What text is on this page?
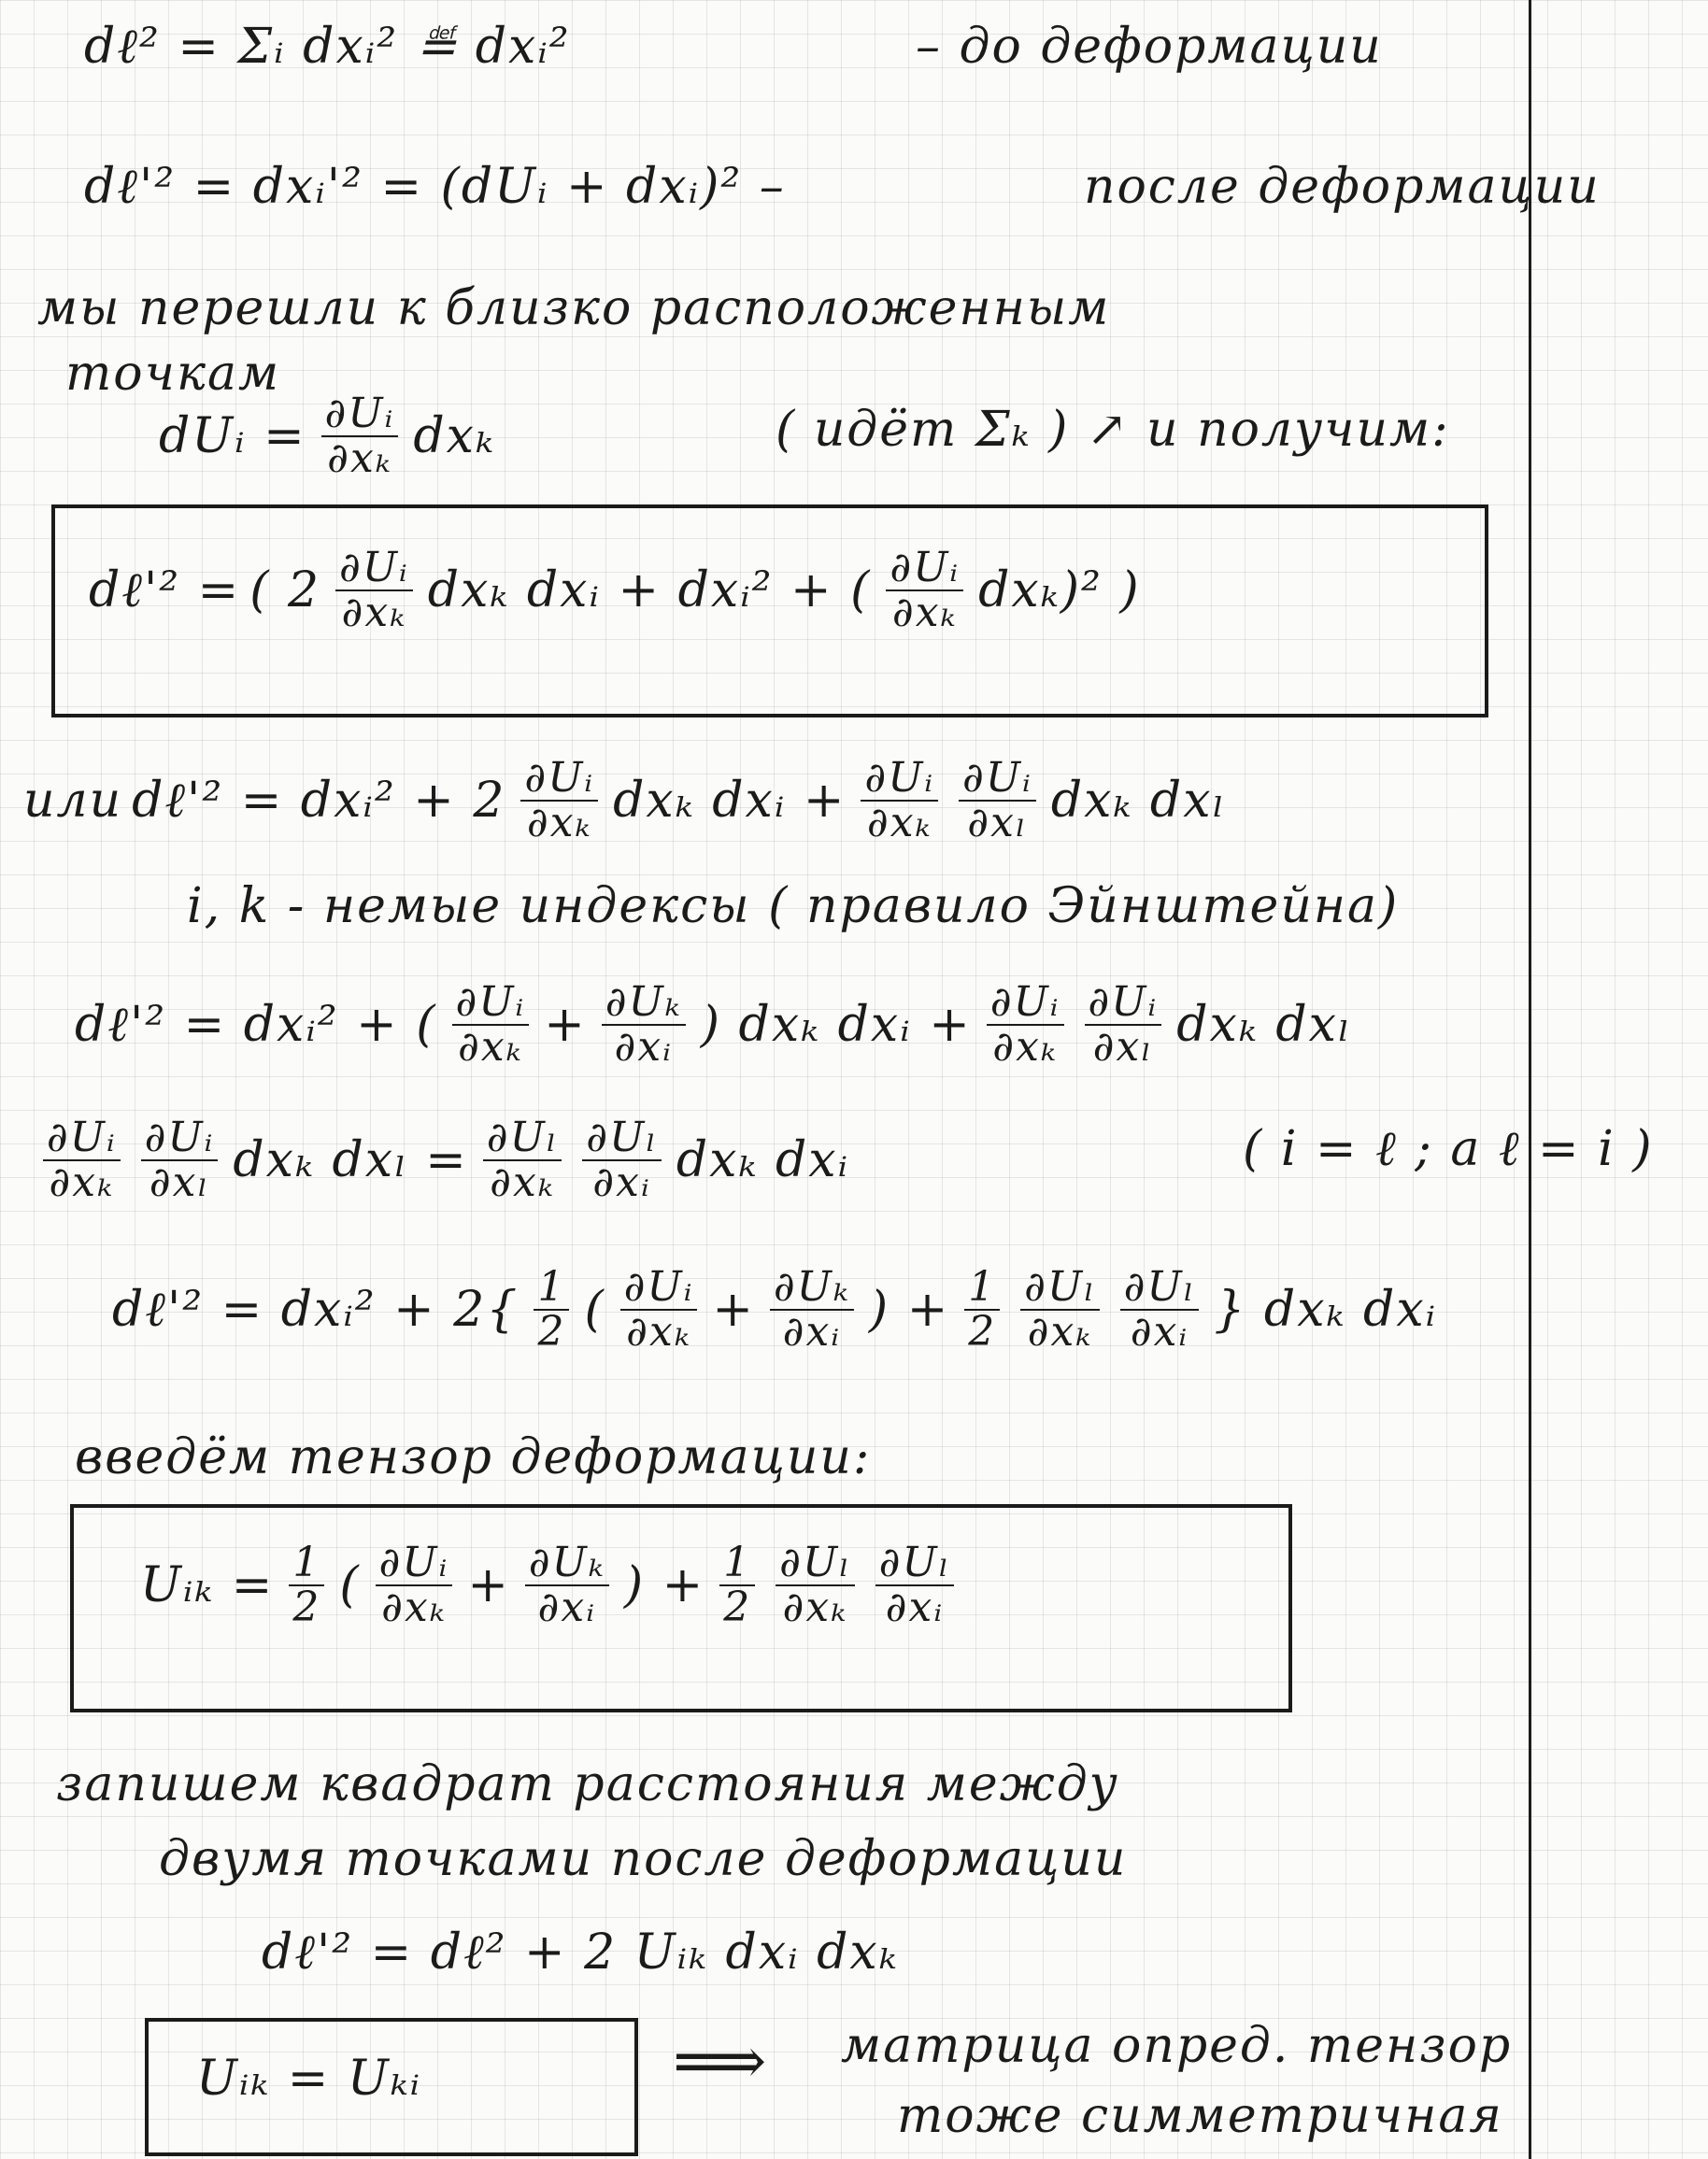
dℓ² = Σᵢ dxᵢ² ≝ dxᵢ²	– до деформации
dℓ'² = dxᵢ'² = (dUᵢ + dxᵢ)² –	после деформации
мы перешли к близко расположенным
точкам
dUᵢ = $\frac{\text{∂Uᵢ}}{\text{∂xₖ}}$ dxₖ	( идёт Σₖ ) ↗ и получим:
dℓ'² = ( $2 \frac{\text{∂Uᵢ}}{\text{∂xₖ}}$ dxₖ dxᵢ + dxᵢ² + ( $\frac{\text{∂Uᵢ}}{\text{∂xₖ}} dx_k)^2$ )
или dℓ'² = dxᵢ² + $2 \frac{\text{∂Uᵢ}}{\text{∂xₖ}}$ dxₖ dxᵢ + $\frac{\text{∂Uᵢ}}{\text{∂xₖ}} \frac{\text{∂Uᵢ}}{\text{∂xₗ}}$ dxₖ dxₗ
i, k - немые индексы ( правило Эйнштейна)
dℓ'² = dxᵢ² + ( $\frac{\text{∂Uᵢ}}{\text{∂xₖ}} + \frac{\text{∂Uₖ}}{\text{∂xᵢ}}$ ) dxₖ dxᵢ + $\frac{\text{∂Uᵢ}}{\text{∂xₖ}} \frac{\text{∂Uᵢ}}{\text{∂xₗ}}$ dxₖ dxₗ
$\frac{\text{∂Uᵢ}}{\text{∂xₖ}} \frac{\text{∂Uᵢ}}{\text{∂xₗ}}$ dxₖ $dx_l = \frac{\text{∂Uₗ}}{\text{∂xₖ}} \frac{\text{∂Uₗ}}{\text{∂xᵢ}}$ dxₖ dxᵢ	( i = ℓ ; a ℓ = i )
dℓ'² = dxᵢ² + $2\{ \frac{1}{2}$ ( $\frac{\text{∂Uᵢ}}{\text{∂xₖ}} + \frac{\text{∂Uₖ}}{\text{∂xᵢ}}$ ) + $\frac{1}{2} \frac{\text{∂Uₗ}}{\text{∂xₖ}} \frac{\text{∂Uₗ}}{\text{∂xᵢ}}$ } dxₖ dxᵢ
введём тензор деформации:
Uᵢₖ = $\frac{1}{2}$ ( $\frac{\text{∂Uᵢ}}{\text{∂xₖ}} + \frac{\text{∂Uₖ}}{\text{∂xᵢ}}$ ) + $\frac{1}{2} \frac{\text{∂Uₗ}}{\text{∂xₖ}} \frac{\text{∂Uₗ}}{\text{∂xᵢ}}$
запишем квадрат расстояния между
двумя точками после деформации
dℓ'² = dℓ² + 2 Uᵢₖ dxᵢ dxₖ
Uᵢₖ = Uₖᵢ	⟹ матрица опред. тензор
тоже симметричная
